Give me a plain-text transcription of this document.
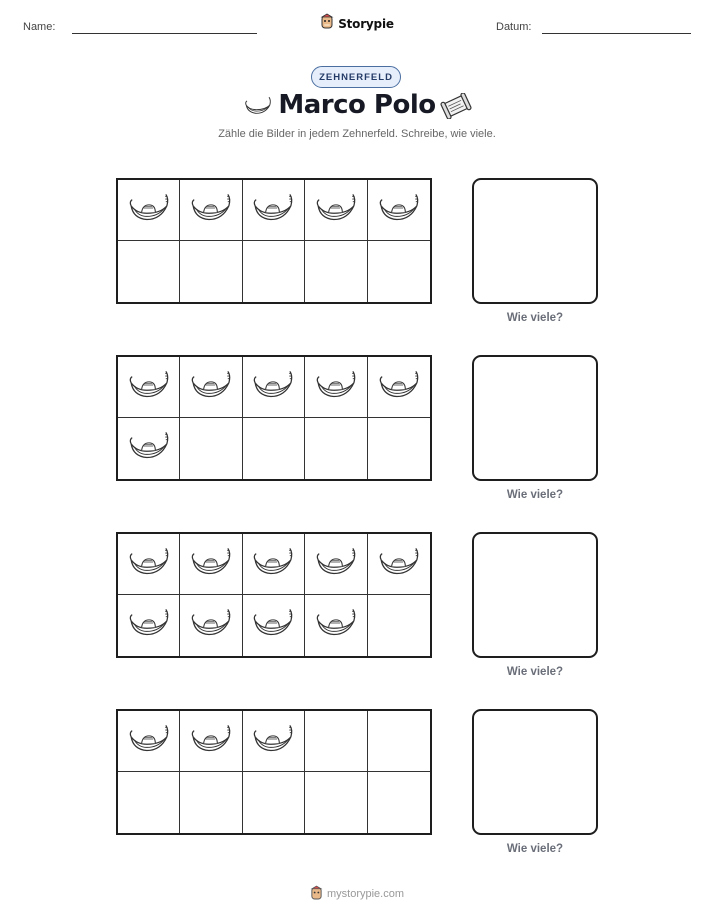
Name:	Datum:
Storypie
ZEHNERFELD
Marco Polo
Zähle die Bilder in jedem Zehnerfeld. Schreibe, wie viele.
Wie viele?
Wie viele?
Wie viele?
Wie viele?
mystorypie.com
